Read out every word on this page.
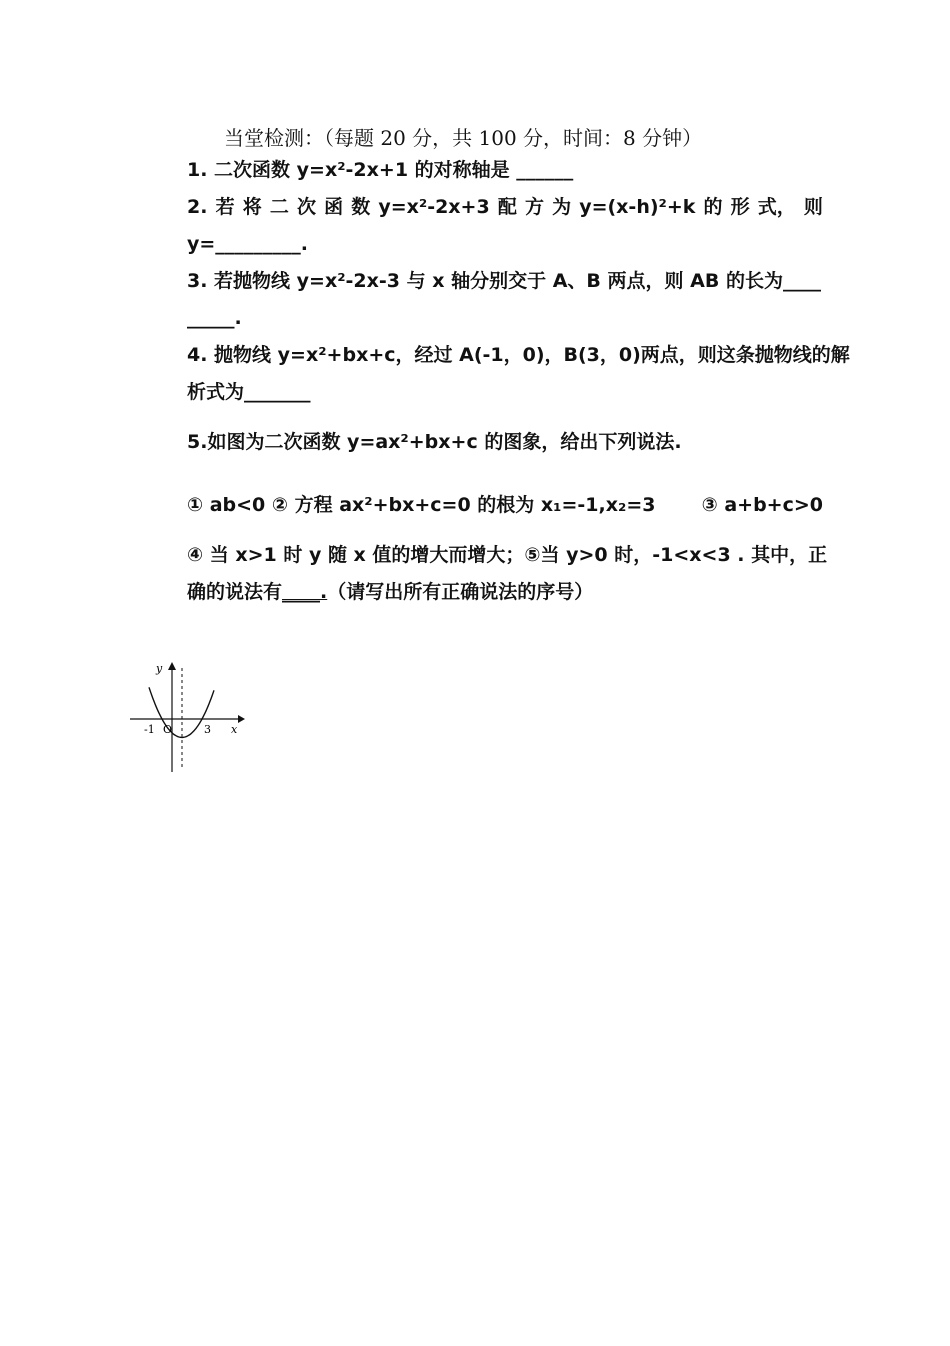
当堂检测：（每题 20 分，共 100 分，时间：8 分钟）
1. 二次函数 y=x²-2x+1 的对称轴是 ______
2. 若 将 二 次 函 数 y=x²-2x+3 配 方 为 y=(x-h)²+k 的 形 式， 则
y=_________.
3. 若抛物线 y=x²-2x-3 与 x 轴分别交于 A、B 两点，则 AB 的长为____
_____.
4. 抛物线 y=x²+bx+c，经过 A(-1，0)，B(3，0)两点，则这条抛物线的解
析式为_______
5.如图为二次函数 y=ax²+bx+c 的图象，给出下列说法.
① ab<0 ② 方程 ax²+bx+c=0 的根为 x₁=-1,x₂=3 ③ a+b+c>0
④ 当 x>1 时 y 随 x 值的增大而增大；⑤当 y>0 时，-1<x<3 . 其中，正
确的说法有____.（请写出所有正确说法的序号）
y
x
O
-1	3
